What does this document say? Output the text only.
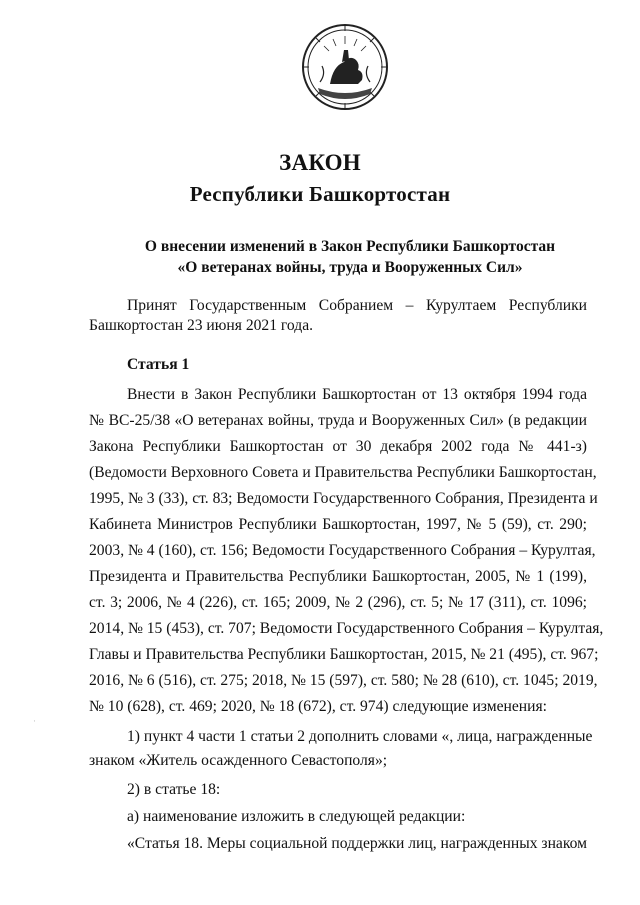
ЗАКОН
Республики Башкортостан

О внесении изменений в Закон Республики Башкортостан

«О ветеранах войны, труда и Вооруженных Сил»

Принят Государственным Собранием – Курултаем Республики

Башкортостан 23 июня 2021 года.

Статья 1

Внести в Закон Республики Башкортостан от 13 октября 1994 года

№ ВС-25/38 «О ветеранах войны, труда и Вооруженных Сил» (в редакции

Закона Республики Башкортостан от 30 декабря 2002 года № 441-з)

(Ведомости Верховного Совета и Правительства Республики Башкортостан,

1995, № 3 (33), ст. 83; Ведомости Государственного Собрания, Президента и

Кабинета Министров Республики Башкортостан, 1997, № 5 (59), ст. 290;

2003, № 4 (160), ст. 156; Ведомости Государственного Собрания – Курултая,

Президента и Правительства Республики Башкортостан, 2005, № 1 (199),

ст. 3; 2006, № 4 (226), ст. 165; 2009, № 2 (296), ст. 5; № 17 (311), ст. 1096;

2014, № 15 (453), ст. 707; Ведомости Государственного Собрания – Курултая,

Главы и Правительства Республики Башкортостан, 2015, № 21 (495), ст. 967;

2016, № 6 (516), ст. 275; 2018, № 15 (597), ст. 580; № 28 (610), ст. 1045; 2019,

№ 10 (628), ст. 469; 2020, № 18 (672), ст. 974) следующие изменения:

1) пункт 4 части 1 статьи 2 дополнить словами «, лица, награжденные

знаком «Житель осажденного Севастополя»;

2) в статье 18:

а) наименование изложить в следующей редакции:

«Статья 18. Меры социальной поддержки лиц, награжденных знаком

·
